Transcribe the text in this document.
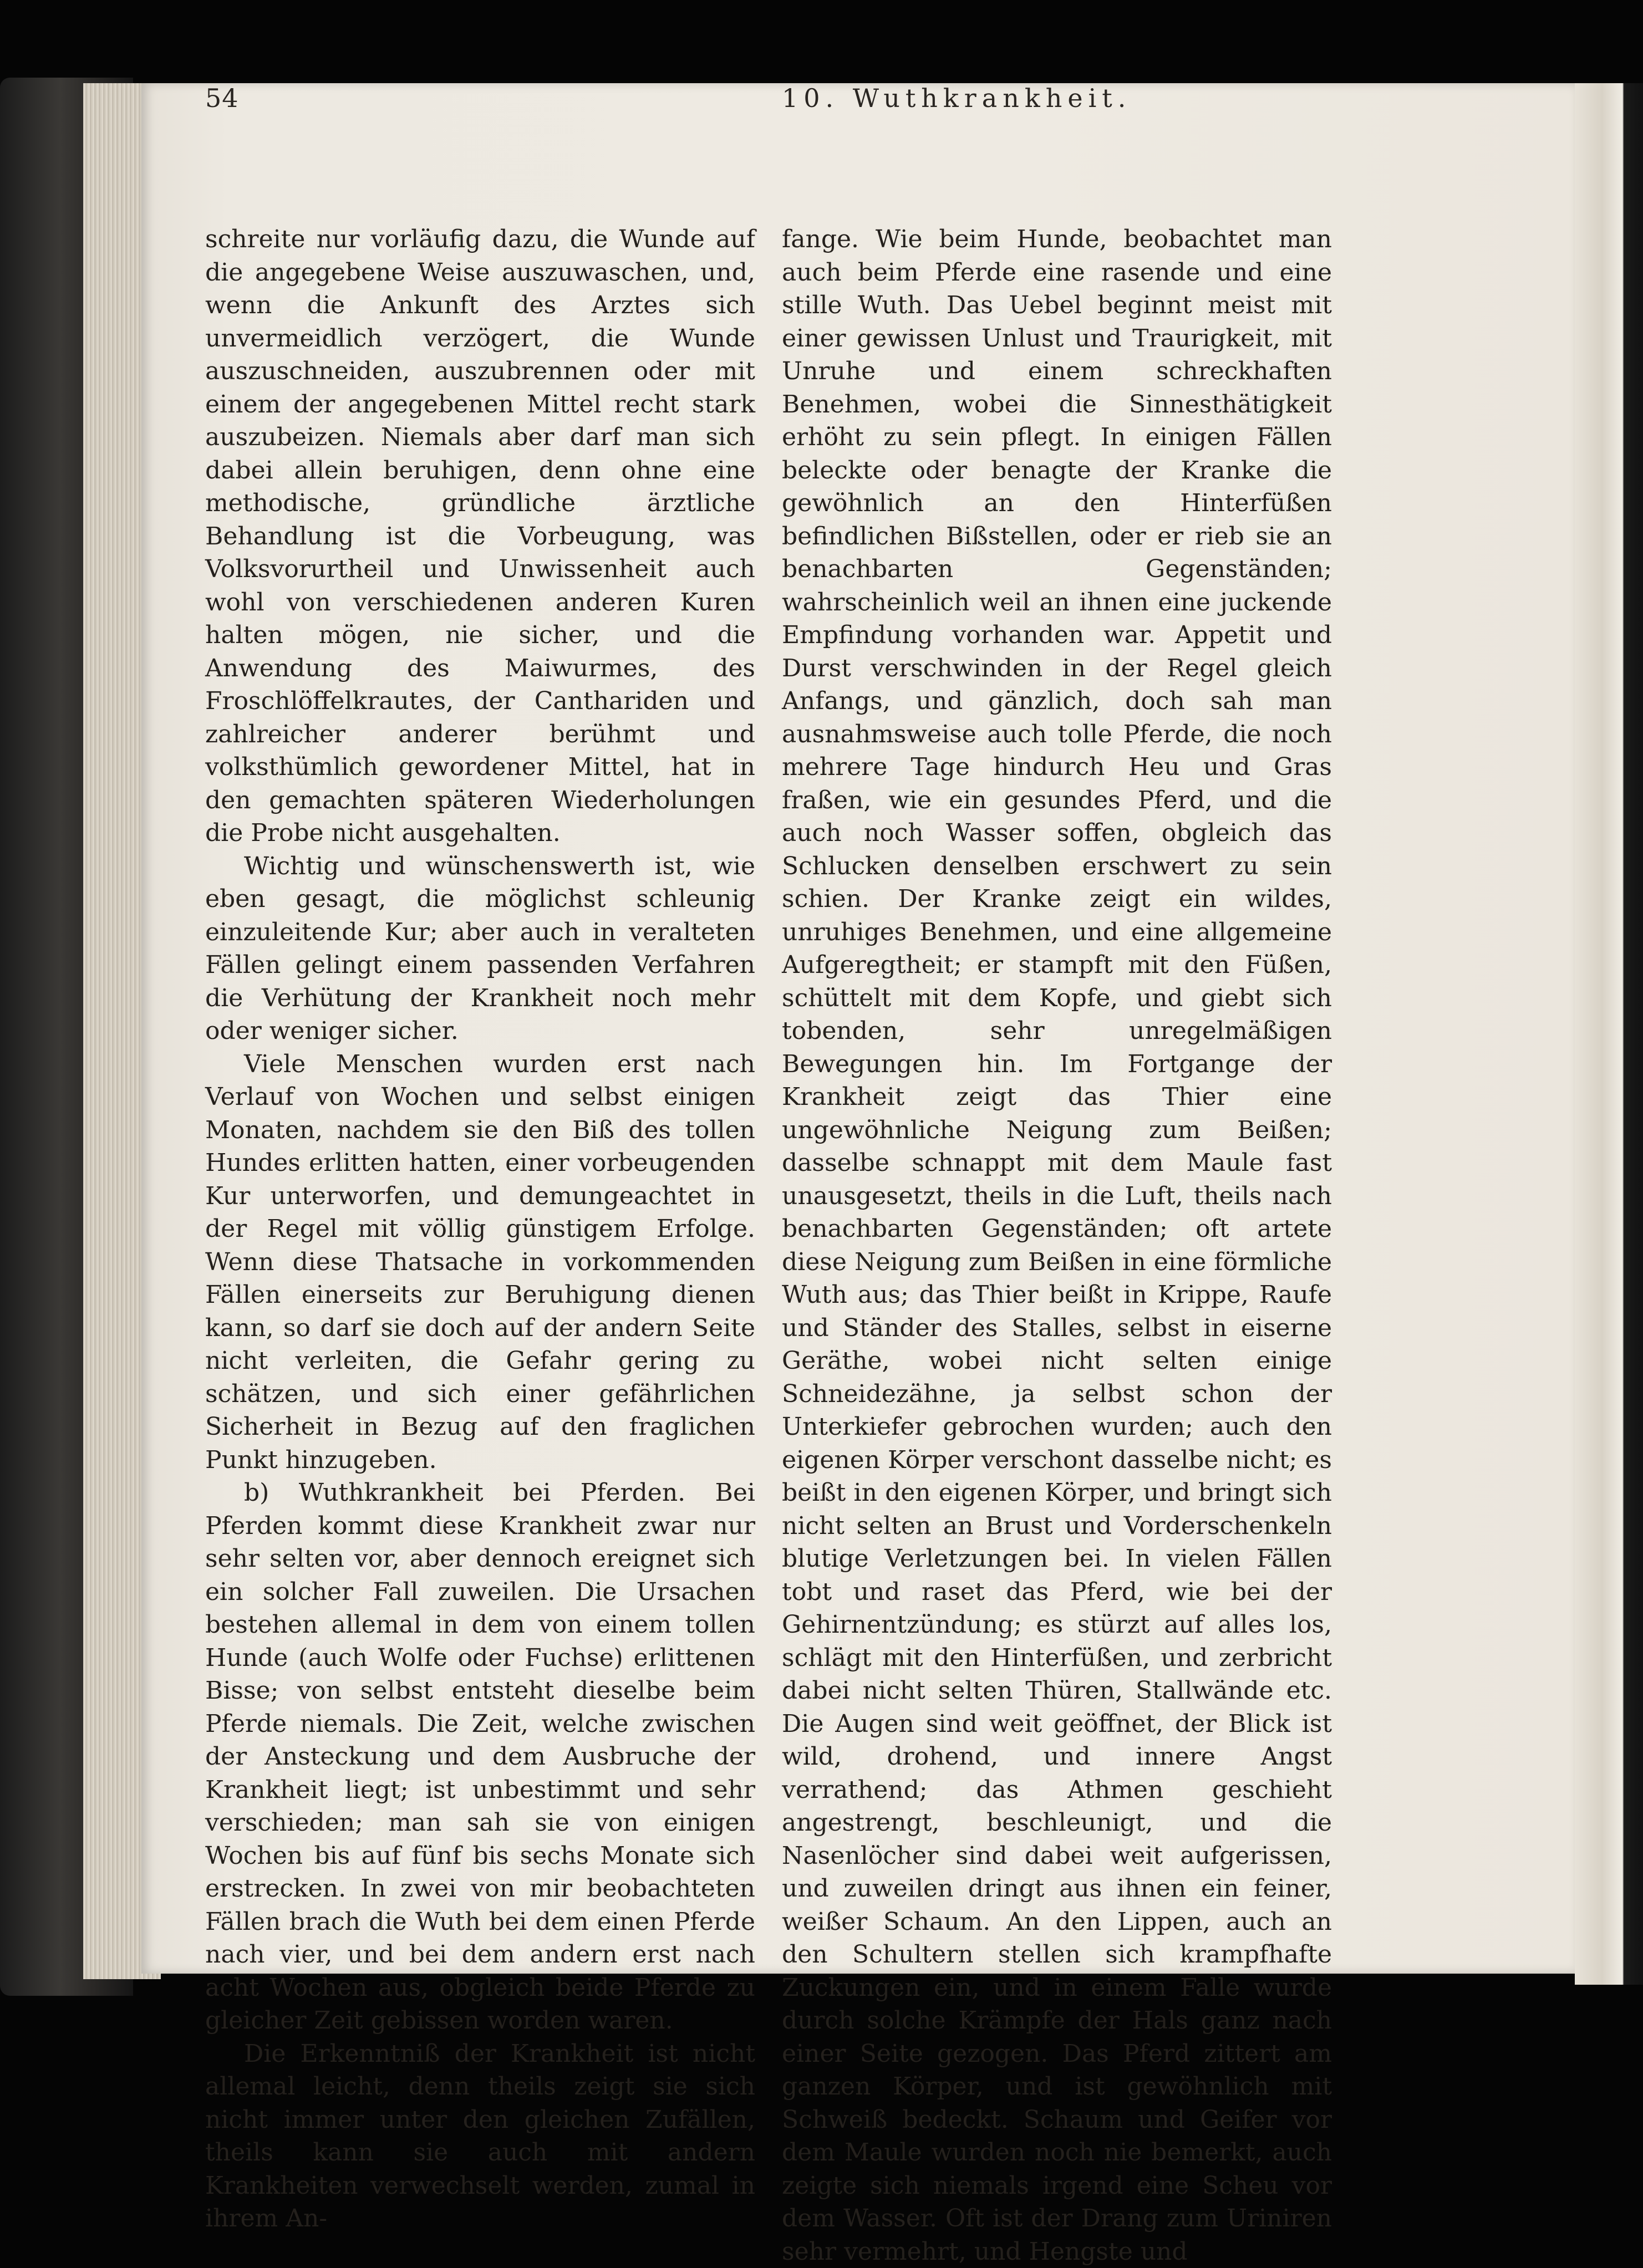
54	10. Wuthkrankheit.

schreite nur vorläufig dazu, die Wunde auf die angegebene Weise auszuwaschen, und, wenn die Ankunft des Arztes sich unvermeidlich verzögert, die Wunde auszuschneiden, auszubrennen oder mit einem der angegebenen Mittel recht stark auszubeizen. Niemals aber darf man sich dabei allein beruhigen, denn ohne eine methodische, gründliche ärztliche Behandlung ist die Vorbeugung, was Volksvorurtheil und Unwissenheit auch wohl von verschiedenen anderen Kuren halten mögen, nie sicher, und die Anwendung des Maiwurmes, des Froschlöffelkrautes, der Canthariden und zahlreicher anderer berühmt und volksthümlich gewordener Mittel, hat in den gemachten späteren Wiederholungen die Probe nicht ausgehalten.

Wichtig und wünschenswerth ist, wie eben gesagt, die möglichst schleunig einzuleitende Kur; aber auch in veralteten Fällen gelingt einem passenden Verfahren die Verhütung der Krankheit noch mehr oder weniger sicher.

Viele Menschen wurden erst nach Verlauf von Wochen und selbst einigen Monaten, nachdem sie den Biß des tollen Hundes erlitten hatten, einer vorbeugenden Kur unterworfen, und demungeachtet in der Regel mit völlig günstigem Erfolge. Wenn diese Thatsache in vorkommenden Fällen einerseits zur Beruhigung dienen kann, so darf sie doch auf der andern Seite nicht verleiten, die Gefahr gering zu schätzen, und sich einer gefährlichen Sicherheit in Bezug auf den fraglichen Punkt hinzugeben.

b) Wuthkrankheit bei Pferden. Bei Pferden kommt diese Krankheit zwar nur sehr selten vor, aber dennoch ereignet sich ein solcher Fall zuweilen. Die Ursachen bestehen allemal in dem von einem tollen Hunde (auch Wolfe oder Fuchse) erlittenen Bisse; von selbst entsteht dieselbe beim Pferde niemals. Die Zeit, welche zwischen der Ansteckung und dem Ausbruche der Krankheit liegt; ist unbestimmt und sehr verschieden; man sah sie von einigen Wochen bis auf fünf bis sechs Monate sich erstrecken. In zwei von mir beobachteten Fällen brach die Wuth bei dem einen Pferde nach vier, und bei dem andern erst nach acht Wochen aus, obgleich beide Pferde zu gleicher Zeit gebissen worden waren.

Die Erkenntniß der Krankheit ist nicht allemal leicht, denn theils zeigt sie sich nicht immer unter den gleichen Zufällen, theils kann sie auch mit andern Krankheiten verwechselt werden, zumal in ihrem An-

fange. Wie beim Hunde, beobachtet man auch beim Pferde eine rasende und eine stille Wuth. Das Uebel beginnt meist mit einer gewissen Unlust und Traurigkeit, mit Unruhe und einem schreckhaften Benehmen, wobei die Sinnesthätigkeit erhöht zu sein pflegt. In einigen Fällen beleckte oder benagte der Kranke die gewöhnlich an den Hinterfüßen befindlichen Bißstellen, oder er rieb sie an benachbarten Gegenständen; wahrscheinlich weil an ihnen eine juckende Empfindung vorhanden war. Appetit und Durst verschwinden in der Regel gleich Anfangs, und gänzlich, doch sah man ausnahmsweise auch tolle Pferde, die noch mehrere Tage hindurch Heu und Gras fraßen, wie ein gesundes Pferd, und die auch noch Wasser soffen, obgleich das Schlucken denselben erschwert zu sein schien. Der Kranke zeigt ein wildes, unruhiges Benehmen, und eine allgemeine Aufgeregtheit; er stampft mit den Füßen, schüttelt mit dem Kopfe, und giebt sich tobenden, sehr unregelmäßigen Bewegungen hin. Im Fortgange der Krankheit zeigt das Thier eine ungewöhnliche Neigung zum Beißen; dasselbe schnappt mit dem Maule fast unausgesetzt, theils in die Luft, theils nach benachbarten Gegenständen; oft artete diese Neigung zum Beißen in eine förmliche Wuth aus; das Thier beißt in Krippe, Raufe und Ständer des Stalles, selbst in eiserne Geräthe, wobei nicht selten einige Schneidezähne, ja selbst schon der Unterkiefer gebrochen wurden; auch den eigenen Körper verschont dasselbe nicht; es beißt in den eigenen Körper, und bringt sich nicht selten an Brust und Vorderschenkeln blutige Verletzungen bei. In vielen Fällen tobt und raset das Pferd, wie bei der Gehirnentzündung; es stürzt auf alles los, schlägt mit den Hinterfüßen, und zerbricht dabei nicht selten Thüren, Stallwände etc. Die Augen sind weit geöffnet, der Blick ist wild, drohend, und innere Angst verrathend; das Athmen geschieht angestrengt, beschleunigt, und die Nasenlöcher sind dabei weit aufgerissen, und zuweilen dringt aus ihnen ein feiner, weißer Schaum. An den Lippen, auch an den Schultern stellen sich krampfhafte Zuckungen ein, und in einem Falle wurde durch solche Krämpfe der Hals ganz nach einer Seite gezogen. Das Pferd zittert am ganzen Körper, und ist gewöhnlich mit Schweiß bedeckt. Schaum und Geifer vor dem Maule wurden noch nie bemerkt, auch zeigte sich niemals irgend eine Scheu vor dem Wasser. Oft ist der Drang zum Uriniren sehr vermehrt, und Hengste und
